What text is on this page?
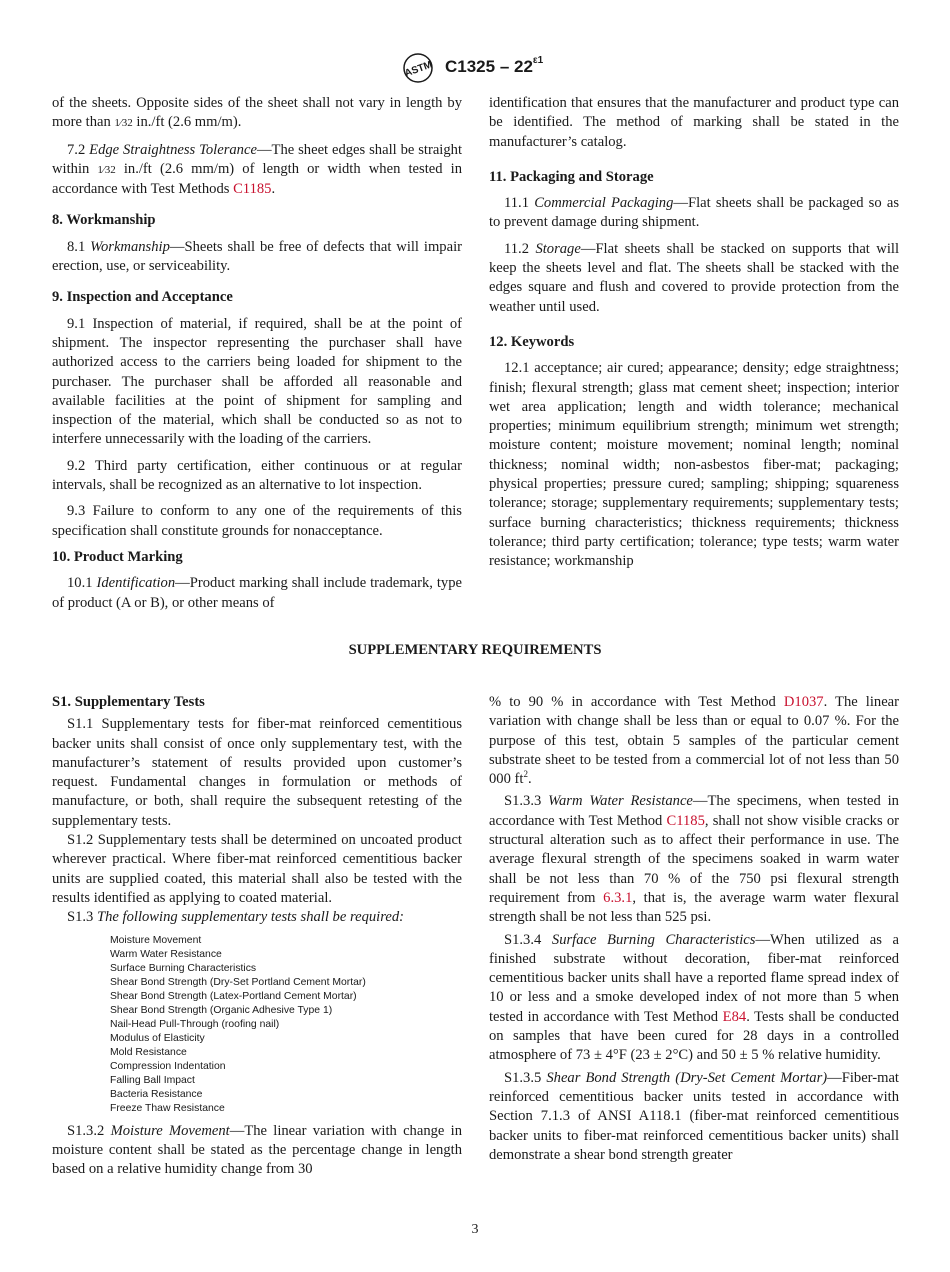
ASTM $C1325 - 22^{\varepsilon 1}$

of the sheets. Opposite sides of the sheet shall not vary in length by more than 1⁄32 in./ft (2.6 mm/m).

7.2 Edge Straightness Tolerance—The sheet edges shall be straight within 1⁄32 in./ft (2.6 mm/m) of length or width when tested in accordance with Test Methods C1185.

8. Workmanship

8.1 Workmanship—Sheets shall be free of defects that will impair erection, use, or serviceability.

9. Inspection and Acceptance

9.1 Inspection of material, if required, shall be at the point of shipment. The inspector representing the purchaser shall have authorized access to the carriers being loaded for shipment to the purchaser. The purchaser shall be afforded all reasonable and available facilities at the point of shipment for sampling and inspection of the material, which shall be conducted so as not to interfere unnecessarily with the loading of the carriers.

9.2 Third party certification, either continuous or at regular intervals, shall be recognized as an alternative to lot inspection.

9.3 Failure to conform to any one of the requirements of this specification shall constitute grounds for nonacceptance.

10. Product Marking

10.1 Identification—Product marking shall include trademark, type of product (A or B), or other means of

identification that ensures that the manufacturer and product type can be identified. The method of marking shall be stated in the manufacturer’s catalog.

11. Packaging and Storage

11.1 Commercial Packaging—Flat sheets shall be packaged so as to prevent damage during shipment.

11.2 Storage—Flat sheets shall be stacked on supports that will keep the sheets level and flat. The sheets shall be stacked with the edges square and flush and covered to provide protection from the weather until used.

12. Keywords

12.1 acceptance; air cured; appearance; density; edge straightness; finish; flexural strength; glass mat cement sheet; inspection; interior wet area application; length and width tolerance; mechanical properties; minimum equilibrium strength; minimum wet strength; moisture content; moisture movement; nominal length; nominal thickness; nominal width; non-asbestos fiber-mat; packaging; physical properties; pressure cured; sampling; shipping; squareness tolerance; storage; supplementary requirements; supplementary tests; surface burning characteristics; thickness requirements; thickness tolerance; third party certification; tolerance; type tests; warm water resistance; workmanship

SUPPLEMENTARY REQUIREMENTS
S1. Supplementary Tests

S1.1 Supplementary tests for fiber-mat reinforced cementitious backer units shall consist of once only supplementary test, with the manufacturer’s statement of results provided upon customer’s request. Fundamental changes in formulation or methods of manufacture, or both, shall require the subsequent retesting of the supplementary tests.

S1.2 Supplementary tests shall be determined on uncoated product wherever practical. Where fiber-mat reinforced cementitious backer units are supplied coated, this material shall also be tested with the results identified as applying to coated material.

S1.3 The following supplementary tests shall be required:

Moisture Movement
Warm Water Resistance
Surface Burning Characteristics
Shear Bond Strength (Dry-Set Portland Cement Mortar)
Shear Bond Strength (Latex-Portland Cement Mortar)
Shear Bond Strength (Organic Adhesive Type 1)
Nail-Head Pull-Through (roofing nail)
Modulus of Elasticity
Mold Resistance
Compression Indentation
Falling Ball Impact
Bacteria Resistance
Freeze Thaw Resistance

S1.3.2 Moisture Movement—The linear variation with change in moisture content shall be stated as the percentage change in length based on a relative humidity change from 30

% to 90 % in accordance with Test Method D1037. The linear variation with change shall be less than or equal to 0.07 %. For the purpose of this test, obtain 5 samples of the particular cement substrate sheet to be tested from a commercial lot of not less than 50 000 $ft^2$.

S1.3.3 Warm Water Resistance—The specimens, when tested in accordance with Test Method C1185, shall not show visible cracks or structural alteration such as to affect their performance in use. The average flexural strength of the specimens soaked in warm water shall be not less than 70 % of the 750 psi flexural strength requirement from 6.3.1, that is, the average warm water flexural strength shall be not less than 525 psi.

S1.3.4 Surface Burning Characteristics—When utilized as a finished substrate without decoration, fiber-mat reinforced cementitious backer units shall have a reported flame spread index of 10 or less and a smoke developed index of not more than 5 when tested in accordance with Test Method E84. Tests shall be conducted on samples that have been cured for 28 days in a controlled atmosphere of 73 ± 4°F (23 ± 2°C) and 50 ± 5 % relative humidity.

S1.3.5 Shear Bond Strength (Dry-Set Cement Mortar)—Fiber-mat reinforced cementitious backer units tested in accordance with Section 7.1.3 of ANSI A118.1 (fiber-mat reinforced cementitious backer units to fiber-mat reinforced cementitious backer units) shall demonstrate a shear bond strength greater

3
